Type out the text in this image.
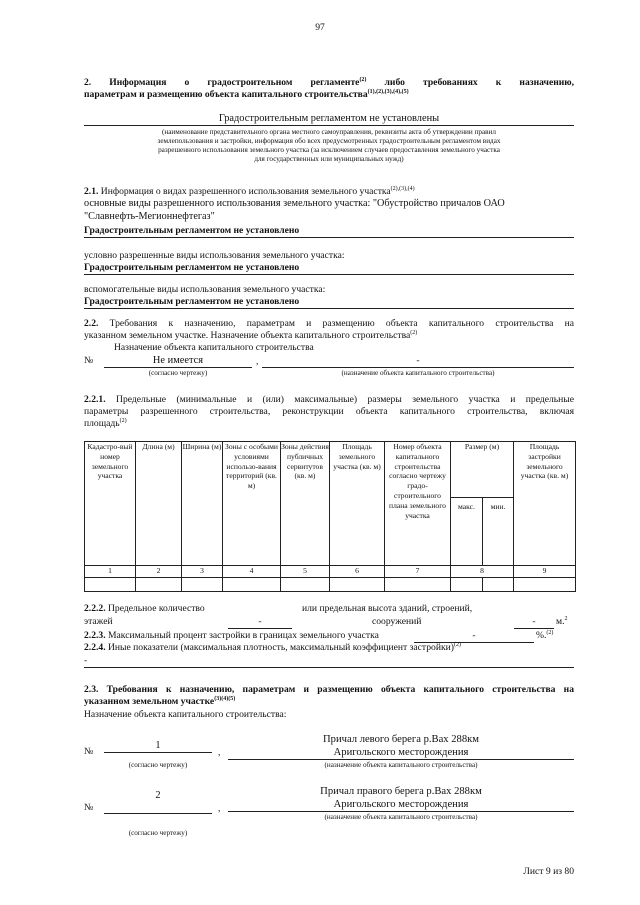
97
2. Информация о градостроительном регламенте$^{(2)}$ либо требованиях к назначению,
параметрам и размещению объекта капитального строительства$^{(1),(2),(3),(4),(5)}$
Градостроительным регламентом не установлены
(наименование представительного органа местного самоуправления, реквизиты акта об утверждении правил
землепользования и застройки, информация обо всех предусмотренных градостроительным регламентом видах
разрешенного использования земельного участка (за исключением случаев предоставления земельного участка
для государственных или муниципальных нужд)
2.1. Информация о видах разрешенного использования земельного участка$^{(2),(3),(4)}$
основные виды разрешенного использования земельного участка: "Обустройство причалов ОАО
"Славнефть-Мегионнефтегаз"
Градостроительным регламентом не установлено
условно разрешенные виды использования земельного участка:
Градостроительным регламентом не установлено
вспомогательные виды использования земельного участка:
Градостроительным регламентом не установлено
2.2. Требования к назначению, параметрам и размещению объекта капитального строительства на
указанном земельном участке. Назначение объекта капитального строительства$^{(2)}$
Назначение объекта капитального строительства
№	Не имеется	,	-
(согласно чертежу)	(назначение объекта капитального строительства)
2.2.1. Предельные (минимальные и (или) максимальные) размеры земельного участка и предельные
параметры разрешенного строительства, реконструкции объекта капитального строительства, включая
площадь$^{(2)}$
Кадастро-вый номер земельного участка	Длина (м)	Ширина (м)	Зоны с особыми условиями использо-вания территорий (кв. м)	Зоны действия публичных сервитутов (кв. м)	Площадь земельного участка (кв. м)	Номер объекта капитального строительства согласно чертежу градо-строительного плана земельного участка	Размер (м)		Площадь застройки земельного участка (кв. м)
							макс.	мин.	
1	2	3	4	5	6	7	8		9

2.2.2. Предельное количество	или предельная высота зданий, строений,
этажей	-	сооружений	-	м.$^2$
2.2.3. Максимальный процент застройки в границах земельного участка	-	%.$^{(2)}$
2.2.4. Иные показатели (максимальная плотность, максимальный коэффициент застройки)$^{(2)}$
-
2.3. Требования к назначению, параметрам и размещению объекта капитального строительства на
указанном земельном участке$^{(3)(4)(5)}$
Назначение объекта капитального строительства:
№
1
,
Причал левого берега р.Вах 288км
Аригольского месторождения
(согласно чертежу)	(назначение объекта капитального строительства)
№
2
,
Причал правого берега р.Вах 288км
Аригольского месторождения
(согласно чертежу)
(назначение объекта капитального строительства)
Лист 9 из 80
